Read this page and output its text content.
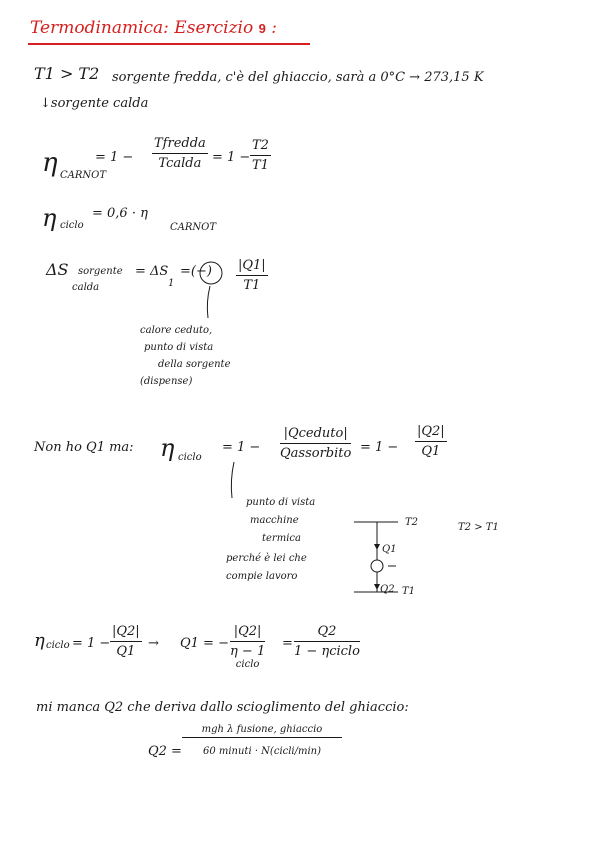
Termodinamica: Esercizio 9 :
T1 > T2 sorgente fredda, c'è del ghiaccio, sarà a 0°C → 273,15 K
↓sorgente calda
η CARNOT
= 1 −
Tfredda
Tcalda = 1 −
T2
T1
η ciclo
= 0,6 · η
CARNOT
ΔS sorgente
calda
= ΔS
1
=(−) |Q1|
T1
calore ceduto,
punto di vista
della sorgente
(dispense)
Non ho Q1 ma: η ciclo
= 1 −
|Qceduto|
Qassorbito = 1 −
|Q2|
Q1
punto di vista
macchine
termica
perché è lei che
compie lavoro
T2
Q1
Q2 T1
T2 > T1
η ciclo = 1 −
|Q2|
Q1
→ Q1 = −
|Q2|
η − 1
ciclo
=
Q2
1 − ηciclo
mi manca Q2 che deriva dallo scioglimento del ghiaccio:
Q2 =
mgh λ fusione, ghiaccio
60 minuti · N(cicli/min)
